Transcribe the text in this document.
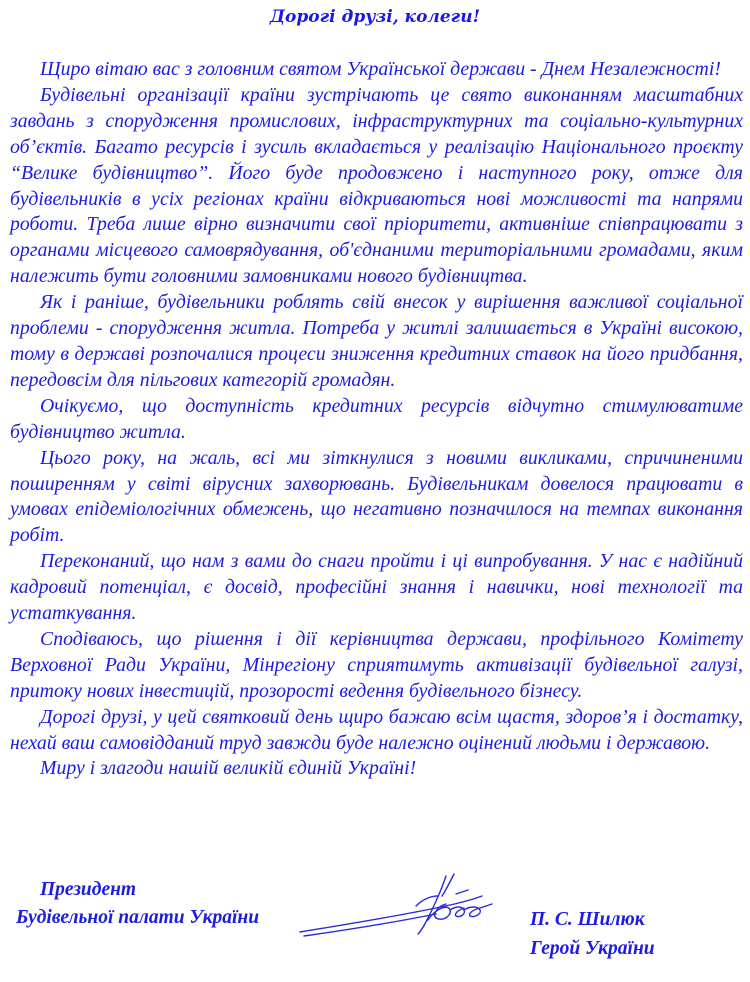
Дорогі друзі, колеги!

Щиро вітаю вас з головним святом Української держави - Днем Незалежності!

Будівельні організації країни зустрічають це свято виконанням масштабних завдань з спорудження промислових, інфраструктурних та соціально-культурних об’єктів. Багато ресурсів і зусиль вкладається у реалізацію Національного проєкту “Велике будівництво”. Його буде продовжено і наступного року, отже для будівельників в усіх регіонах країни відкриваються нові можливості та напрями роботи. Треба лише вірно визначити свої пріоритети, активніше співпрацювати з органами місцевого самоврядування, об'єднаними територіальними громадами, яким належить бути головними замовниками нового будівництва.

Як і раніше, будівельники роблять свій внесок у вирішення важливої соціальної проблеми - спорудження житла. Потреба у житлі залишається в Україні високою, тому в державі розпочалися процеси зниження кредитних ставок на його придбання, передовсім для пільгових категорій громадян.

Очікуємо, що доступність кредитних ресурсів відчутно стимулюватиме будівництво житла.

Цього року, на жаль, всі ми зіткнулися з новими викликами, спричиненими поширенням у світі вірусних захворювань. Будівельникам довелося працювати в умовах епідеміологічних обмежень, що негативно позначилося на темпах виконання робіт.

Переконаний, що нам з вами до снаги пройти і ці випробування. У нас є надійний кадровий потенціал, є досвід, професійні знання і навички, нові технології та устаткування.

Сподіваюсь, що рішення і дії керівництва держави, профільного Комітету Верховної Ради України, Мінрегіону сприятимуть активізації будівельної галузі, притоку нових інвестицій, прозорості ведення будівельного бізнесу.

Дорогі друзі, у цей святковий день щиро бажаю всім щастя, здоров’я і достатку, нехай ваш самовідданий труд завжди буде належно оцінений людьми і державою.

Миру і злагоди нашій великій єдиній Україні!

Президент
Будівельної палати України	П. С. Шилюк
Герой України
